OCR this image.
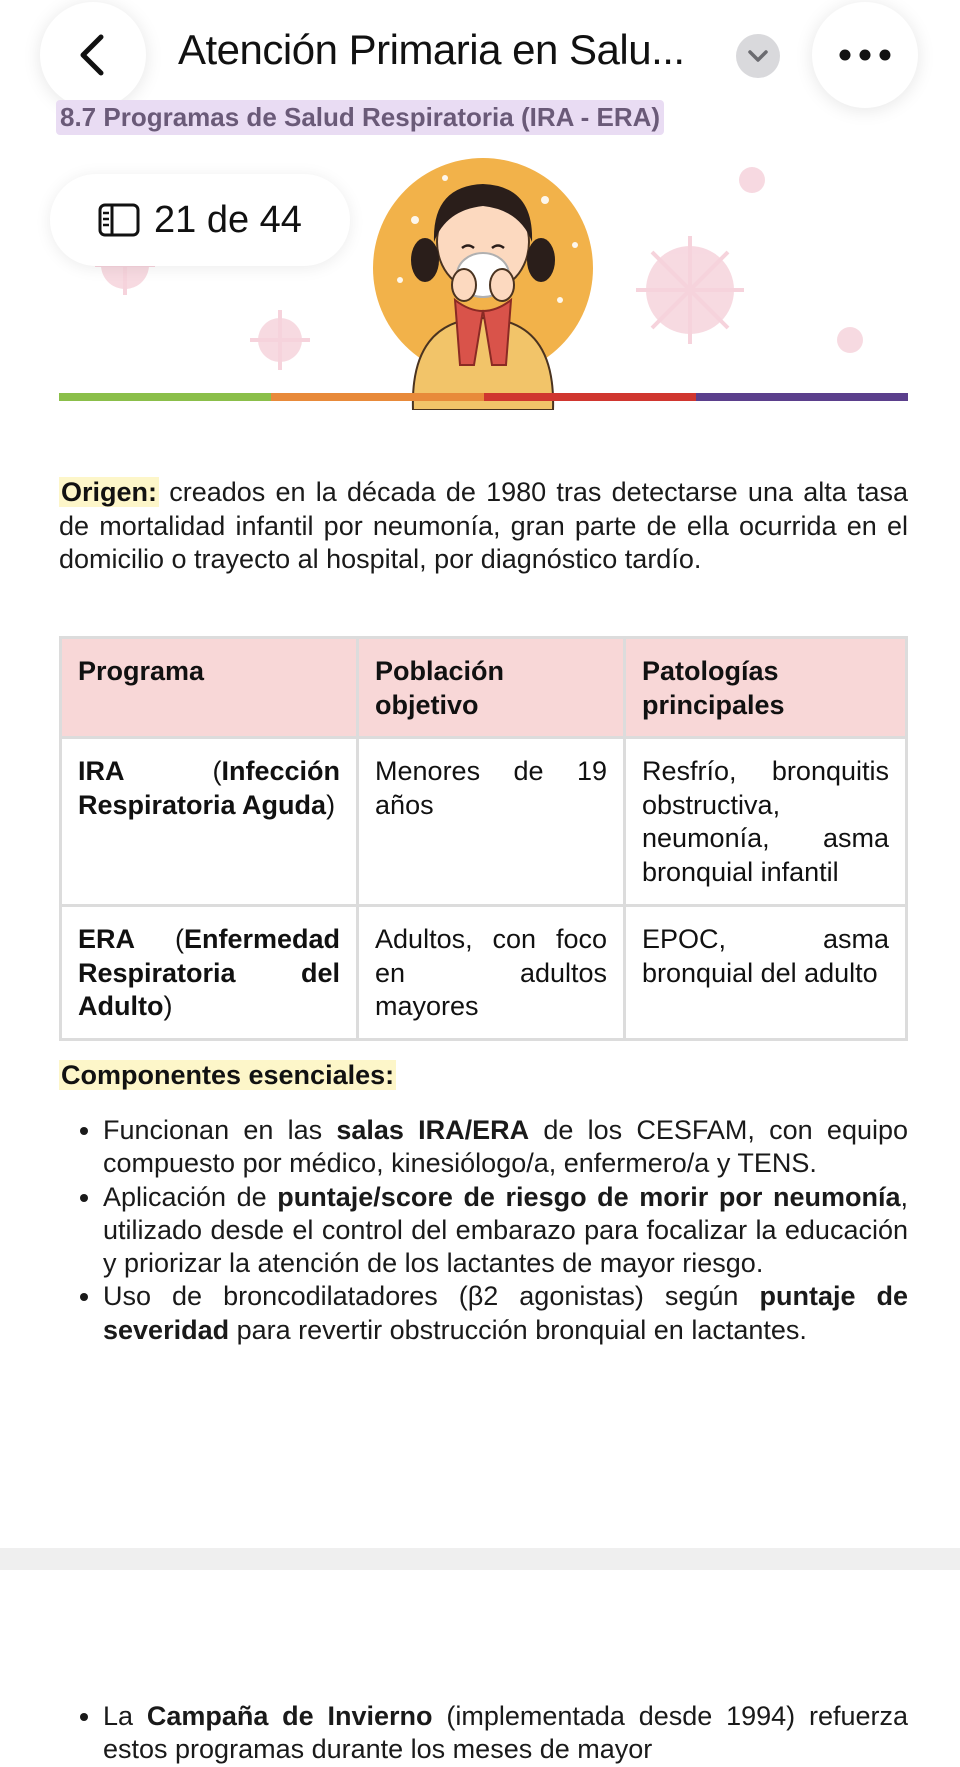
Atención Primaria en Salu...
8.7 Programas de Salud Respiratoria (IRA - ERA)
21 de 44
Origen: creados en la década de 1980 tras detectarse una alta tasa de mortalidad infantil por neumonía, gran parte de ella ocurrida en el domicilio o trayecto al hospital, por diagnóstico tardío.
Programa	Población objetivo	Patologías principales
IRA (Infección Respiratoria Aguda)	Menores de 19 años	Resfrío, bronquitis obstructiva, neumonía, asma bronquial infantil
ERA (Enfermedad Respiratoria del Adulto)	Adultos, con foco en adultos mayores	EPOC, asma bronquial del adulto
Componentes esenciales:
• Funcionan en las salas IRA/ERA de los CESFAM, con equipo compuesto por médico, kinesiólogo/a, enfermero/a y TENS.
• Aplicación de puntaje/score de riesgo de morir por neumonía, utilizado desde el control del embarazo para focalizar la educación y priorizar la atención de los lactantes de mayor riesgo.
• Uso de broncodilatadores (β2 agonistas) según puntaje de severidad para revertir obstrucción bronquial en lactantes.
• La Campaña de Invierno (implementada desde 1994) refuerza estos programas durante los meses de mayor
